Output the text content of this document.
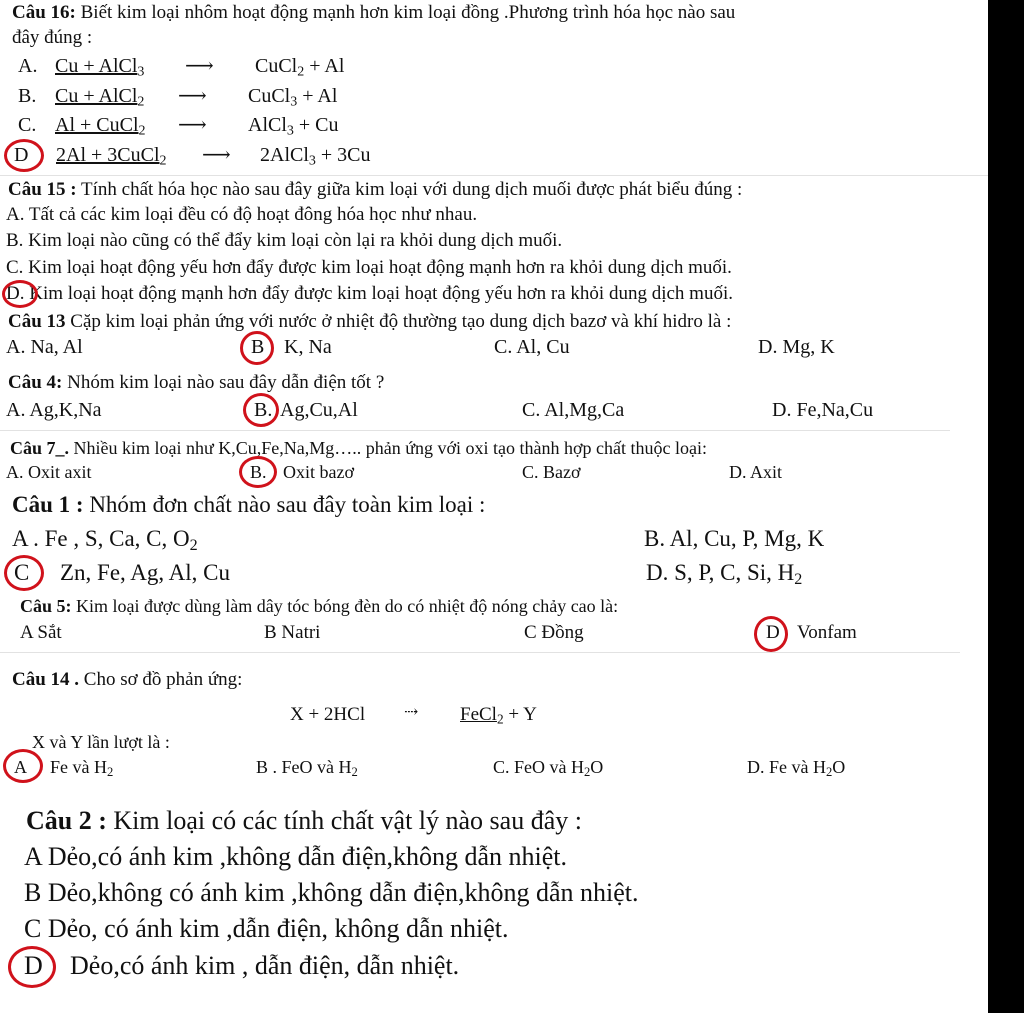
Câu 16: Biết kim loại nhôm hoạt động mạnh hơn kim loại đồng .Phương trình hóa học nào sau
đây đúng :
A. Cu + AlCl$_3$ ⟶ CuCl$_2$ + Al
B. Cu + AlCl$_2$ ⟶ CuCl$_3$ + Al
C. Al + CuCl$_2$ ⟶ AlCl$_3$ + Cu
D 2Al + 3CuCl$_2$ ⟶ 2AlCl$_3$ + 3Cu
Câu 15 : Tính chất hóa học nào sau đây giữa kim loại với dung dịch muối được phát biểu đúng :
A. Tất cả các kim loại đều có độ hoạt đông hóa học như nhau.
B. Kim loại nào cũng có thể đẩy kim loại còn lại ra khỏi dung dịch muối.
C. Kim loại hoạt động yếu hơn đẩy được kim loại hoạt động mạnh hơn ra khỏi dung dịch muối.
D. Kim loại hoạt động mạnh hơn đẩy được kim loại hoạt động yếu hơn ra khỏi dung dịch muối.
Câu 13 Cặp kim loại phản ứng với nước ở nhiệt độ thường tạo dung dịch bazơ và khí hidro là :
A. Na, Al	B K, Na	C. Al, Cu	D. Mg, K
Câu 4: Nhóm kim loại nào sau đây dẫn điện tốt ?
A. Ag,K,Na	B. Ag,Cu,Al	C. Al,Mg,Ca	D. Fe,Na,Cu
Câu 7_. Nhiều kim loại như K,Cu,Fe,Na,Mg….. phản ứng với oxi tạo thành hợp chất thuộc loại:
A. Oxit axit	B. Oxit bazơ	C. Bazơ	D. Axit
Câu 1 : Nhóm đơn chất nào sau đây toàn kim loại :
A . Fe , S, Ca, C, $O_2$	B. Al, Cu, P, Mg, K
C Zn, Fe, Ag, Al, Cu	D. S, P, C, Si, $H_2$
Câu 5: Kim loại được dùng làm dây tóc bóng đèn do có nhiệt độ nóng chảy cao là:
A Sắt	B Natri	C Đồng	D Vonfam
Câu 14 . Cho sơ đồ phản ứng:
X + 2HCl ⇢ FeCl$_2$ + Y
X và Y lần lượt là :
A Fe và $H_2$	B . FeO và $H_2$	C. FeO và $H_2O$	D. Fe và $H_2O$
Câu 2 : Kim loại có các tính chất vật lý nào sau đây :
A Dẻo,có ánh kim ,không dẫn điện,không dẫn nhiệt.
B Dẻo,không có ánh kim ,không dẫn điện,không dẫn nhiệt.
C Dẻo, có ánh kim ,dẫn điện, không dẫn nhiệt.
D Dẻo,có ánh kim , dẫn điện, dẫn nhiệt.
